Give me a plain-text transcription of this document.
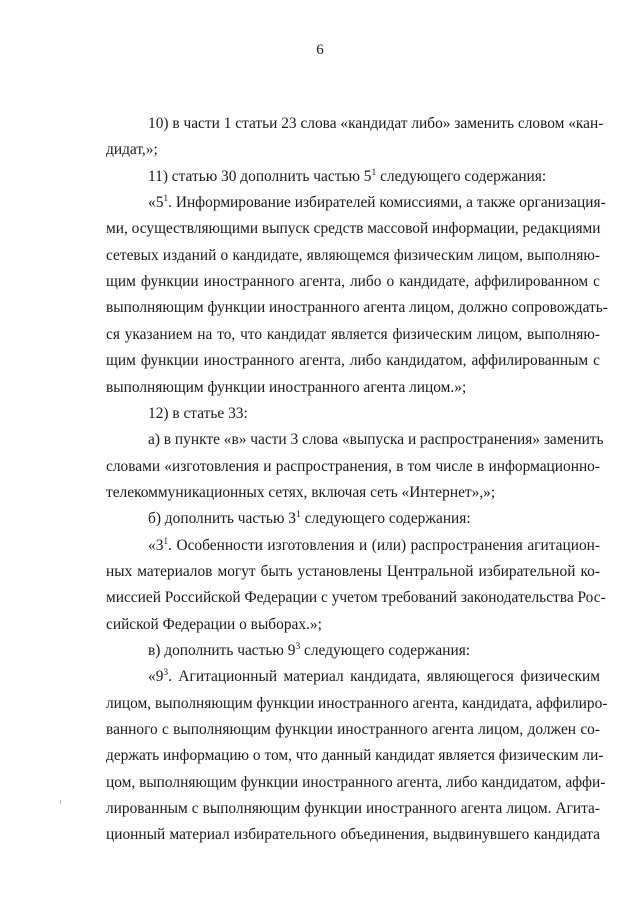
6
10) в части 1 статьи 23 слова «кандидат либо» заменить словом «кан-
дидат,»;
11) статью 30 дополнить частью $5^1$ следующего содержания:
«$5^1$. Информирование избирателей комиссиями, а также организация-
ми, осуществляющими выпуск средств массовой информации, редакциями
сетевых изданий о кандидате, являющемся физическим лицом, выполняю-
щим функции иностранного агента, либо о кандидате, аффилированном с
выполняющим функции иностранного агента лицом, должно сопровождать-
ся указанием на то, что кандидат является физическим лицом, выполняю-
щим функции иностранного агента, либо кандидатом, аффилированным с
выполняющим функции иностранного агента лицом.»;
12) в статье 33:
а) в пункте «в» части 3 слова «выпуска и распространения» заменить
словами «изготовления и распространения, в том числе в информационно-
телекоммуникационных сетях, включая сеть «Интернет»,»;
б) дополнить частью $3^1$ следующего содержания:
«$3^1$. Особенности изготовления и (или) распространения агитацион-
ных материалов могут быть установлены Центральной избирательной ко-
миссией Российской Федерации с учетом требований законодательства Рос-
сийской Федерации о выборах.»;
в) дополнить частью $9^3$ следующего содержания:
«$9^3$. Агитационный материал кандидата, являющегося физическим
лицом, выполняющим функции иностранного агента, кандидата, аффилиро-
ванного с выполняющим функции иностранного агента лицом, должен со-
держать информацию о том, что данный кандидат является физическим ли-
цом, выполняющим функции иностранного агента, либо кандидатом, аффи-
лированным с выполняющим функции иностранного агента лицом. Агита-
ционный материал избирательного объединения, выдвинувшего кандидата
